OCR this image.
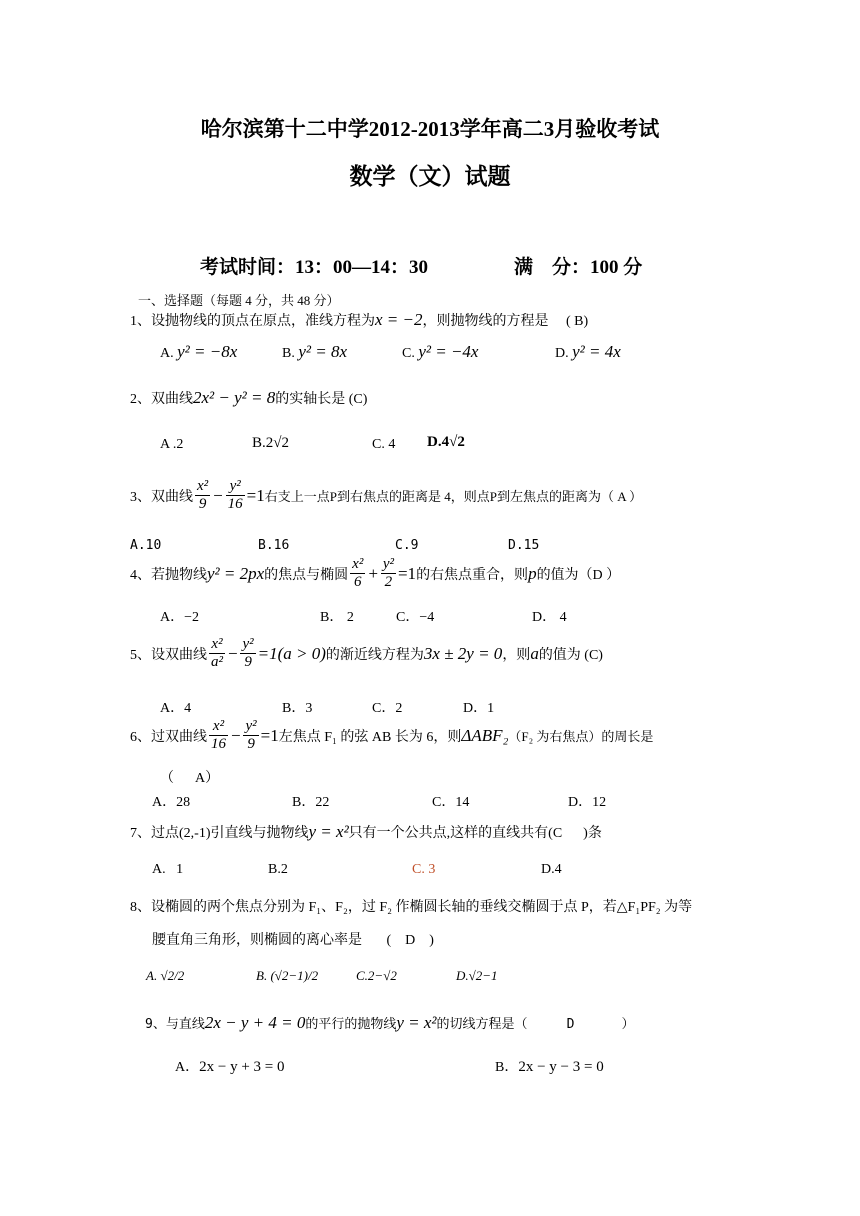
哈尔滨第十二中学2012-2013学年高二3月验收考试
数学（文）试题
考试时间：13：00—14：30	满    分：100 分
一、选择题（每题 4 分，共 48 分）
1、设抛物线的顶点在原点，准线方程为x = −2，则抛物线的方程是 ( B)
A. y² = −8x	B. y² = 8x	C. y² = −4x	D. y² = 4x
2、双曲线2x² − y² = 8的实轴长是 (C)
A .2	B.2√2	C. 4 D.4√2
3、双曲线 $\frac{\text{x²}}{9} - \frac{\text{y²}}{16} =1$ 右支上一点P到右焦点的距离是 4，则点P到左焦点的距离为（ A ）
A.10	B.16	C.9	D.15
4、若抛物线 y² = 2px 的焦点与椭圆 $\frac{\text{x²}}{6} + \frac{\text{y²}}{2} =1$ 的右焦点重合，则 p 的值为（D ）
A．−2	B． 2	C．−4	D． 4
5、设双曲线 $\frac{\text{x²}}{\text{a²}} - \frac{\text{y²}}{9} =1(a > 0)$ 的渐近线方程为 3x ± 2y = 0 ，则 a 的值为 (C)
A．4	B．3	C．2	D．1
6、过双曲线 $\frac{\text{x²}}{16} - \frac{\text{y²}}{9} =1$ 左焦点 F₁ 的弦 AB 长为 6，则 ΔABF₂ （F₂ 为右焦点）的周长是
（      A）
A．28	B．22	C．14	D．12
7、过点(2,-1)引直线与抛物线y = x²只有一个公共点,这样的直线共有(C      )条
A.   1	B.2	C. 3	D.4
8、设椭圆的两个焦点分别为 F₁、F₂，过 F₂ 作椭圆长轴的垂线交椭圆于点 P，若△F₁PF₂ 为等
腰直角三角形，则椭圆的离心率是       (    D    )
A. √2/2	B. (√2−1)/2	C.2−√2	D.√2−1
9、与直线2x − y + 4 = 0的平行的抛物线y = x²的切线方程是（     D      ）
A．2x − y + 3 = 0	B．2x − y − 3 = 0
